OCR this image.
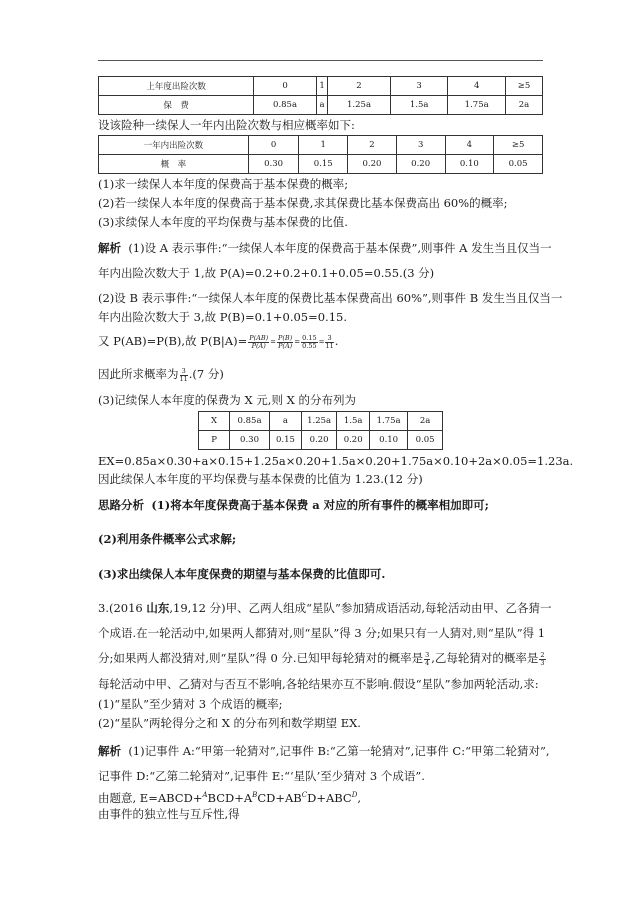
上年度出险次数	0	1	2	3	4	≥5
保　费	0.85a	a	1.25a	1.5a	1.75a	2a
设该险种一续保人一年内出险次数与相应概率如下:
一年内出险次数	0	1	2	3	4	≥5
概　率	0.30	0.15	0.20	0.20	0.10	0.05
(1)求一续保人本年度的保费高于基本保费的概率;
(2)若一续保人本年度的保费高于基本保费,求其保费比基本保费高出 60%的概率;
(3)求续保人本年度的平均保费与基本保费的比值.
解析 (1)设 A 表示事件:“一续保人本年度的保费高于基本保费”,则事件 A 发生当且仅当一
年内出险次数大于 1,故 P(A)=0.2+0.2+0.1+0.05=0.55.(3 分)
(2)设 B 表示事件:“一续保人本年度的保费比基本保费高出 60%”,则事件 B 发生当且仅当一
年内出险次数大于 3,故 P(B)=0.1+0.05=0.15.
又 P(AB)=P(B),故 $P(B|A)= \frac{P(AB)}{P(A)} = \frac{P(B)}{P(A)} = \frac{0.15}{0.55} = \frac{3}{11}$ .
因此所求概率为 $\frac{3}{11} .(7$ 分)
(3)记续保人本年度的保费为 X 元,则 X 的分布列为
X	0.85a	a	1.25a	1.5a	1.75a	2a
P	0.30	0.15	0.20	0.20	0.10	0.05
EX=0.85a×0.30+a×0.15+1.25a×0.20+1.5a×0.20+1.75a×0.10+2a×0.05=1.23a.
因此续保人本年度的平均保费与基本保费的比值为 1.23.(12 分)
思路分析 (1)将本年度保费高于基本保费 a 对应的所有事件的概率相加即可;
(2)利用条件概率公式求解;
(3)求出续保人本年度保费的期望与基本保费的比值即可.
3.(2016 山东,19,12 分)甲、乙两人组成“星队”参加猜成语活动,每轮活动由甲、乙各猜一
个成语.在一轮活动中,如果两人都猜对,则“星队”得 3 分;如果只有一人猜对,则“星队”得 1
分;如果两人都没猜对,则“星队”得 0 分.已知甲每轮猜对的概率是 $\frac{3}{4}$ ,乙每轮猜对的概率是 $\frac{2}{3}$
每轮活动中甲、乙猜对与否互不影响,各轮结果亦互不影响.假设“星队”参加两轮活动,求:
(1)“星队”至少猜对 3 个成语的概率;
(2)“星队”两轮得分之和 X 的分布列和数学期望 EX.
解析 (1)记事件 A:“甲第一轮猜对”,记事件 B:“乙第一轮猜对”,记事件 C:“甲第二轮猜对”,
记事件 D:“乙第二轮猜对”,记事件 E:“‘星队’至少猜对 3 个成语”.
由题意, $E=ABCD+^ABCD+A^BCD+AB^CD+ABC^D$,
由事件的独立性与互斥性,得
